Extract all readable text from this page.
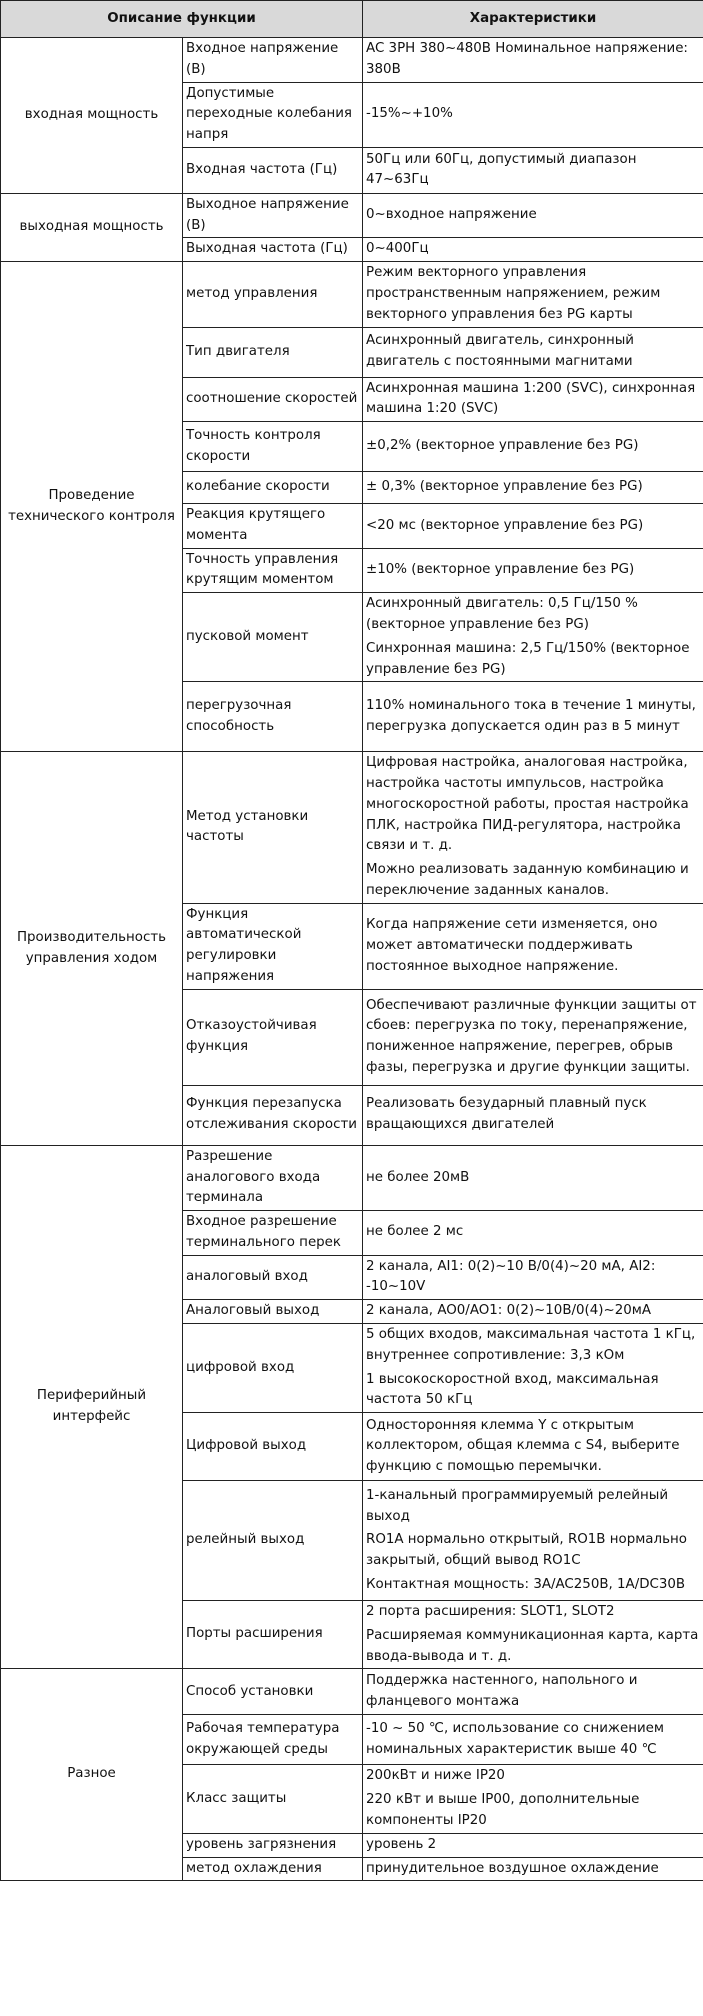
Описание функции		Характеристики
входная мощность	Входное напряжение (В)	AC 3PH 380~480В Номинальное напряжение: 380В

	Допустимые переходные колебания напря	-15%~+10%

	Входная частота (Гц)	50Гц или 60Гц, допустимый диапазон 47~63Гц

выходная мощность	Выходное напряжение (В)	0~входное напряжение

	Выходная частота (Гц)	0~400Гц

Проведение технического контроля	метод управления	Режим векторного управления пространственным напряжением, режим векторного управления без PG карты

	Тип двигателя	Асинхронный двигатель, синхронный двигатель с постоянными магнитами

	соотношение скоростей	Асинхронная машина 1:200 (SVC), синхронная машина 1:20 (SVC)

	Точность контроля скорости	±0,2% (векторное управление без PG)

	колебание скорости	± 0,3% (векторное управление без PG)

	Реакция крутящего момента	<20 мс (векторное управление без PG)

	Точность управления крутящим моментом	±10% (векторное управление без PG)

	пусковой момент	Асинхронный двигатель: 0,5 Гц/150 % (векторное управление без PG)
Синхронная машина: 2,5 Гц/150% (векторное управление без PG)

	перегрузочная способность	110% номинального тока в течение 1 минуты, перегрузка допускается один раз в 5 минут

Производительность управления ходом	Метод установки частоты	Цифровая настройка, аналоговая настройка, настройка частоты импульсов, настройка многоскоростной работы, простая настройка ПЛК, настройка ПИД-регулятора, настройка связи и т. д.
Можно реализовать заданную комбинацию и переключение заданных каналов.

	Функция автоматической регулировки напряжения	Когда напряжение сети изменяется, оно может автоматически поддерживать постоянное выходное напряжение.

	Отказоустойчивая функция	Обеспечивают различные функции защиты от сбоев: перегрузка по току, перенапряжение, пониженное напряжение, перегрев, обрыв фазы, перегрузка и другие функции защиты.

	Функция перезапуска отслеживания скорости	Реализовать безударный плавный пуск вращающихся двигателей

Периферийный интерфейс	Разрешение аналогового входа терминала	не более 20мВ

	Входное разрешение терминального перек	не более 2 мс

	аналоговый вход	2 канала, AI1: 0(2)~10 В/0(4)~20 мА, AI2: -10~10V

	Аналоговый выход	2 канала, AO0/AO1: 0(2)~10В/0(4)~20мА

	цифровой вход	5 общих входов, максимальная частота 1 кГц, внутреннее сопротивление: 3,3 кОм
1 высокоскоростной вход, максимальная частота 50 кГц

	Цифровой выход	Односторонняя клемма Y с открытым коллектором, общая клемма с S4, выберите функцию с помощью перемычки.

	релейный выход	1-канальный программируемый релейный выход
RO1A нормально открытый, RO1B нормально закрытый, общий вывод RO1C
Контактная мощность: 3A/AC250В, 1A/DC30В

	Порты расширения	2 порта расширения: SLOT1, SLOT2
Расширяемая коммуникационная карта, карта ввода-вывода и т. д.

Разное	Способ установки	Поддержка настенного, напольного и фланцевого монтажа

	Рабочая температура окружающей среды	-10 ~ 50 ℃, использование со снижением номинальных характеристик выше 40 ℃

	Класс защиты	200кВт и ниже IP20
220 кВт и выше IP00, дополнительные компоненты IP20

	уровень загрязнения	уровень 2

	метод охлаждения	принудительное воздушное охлаждение
